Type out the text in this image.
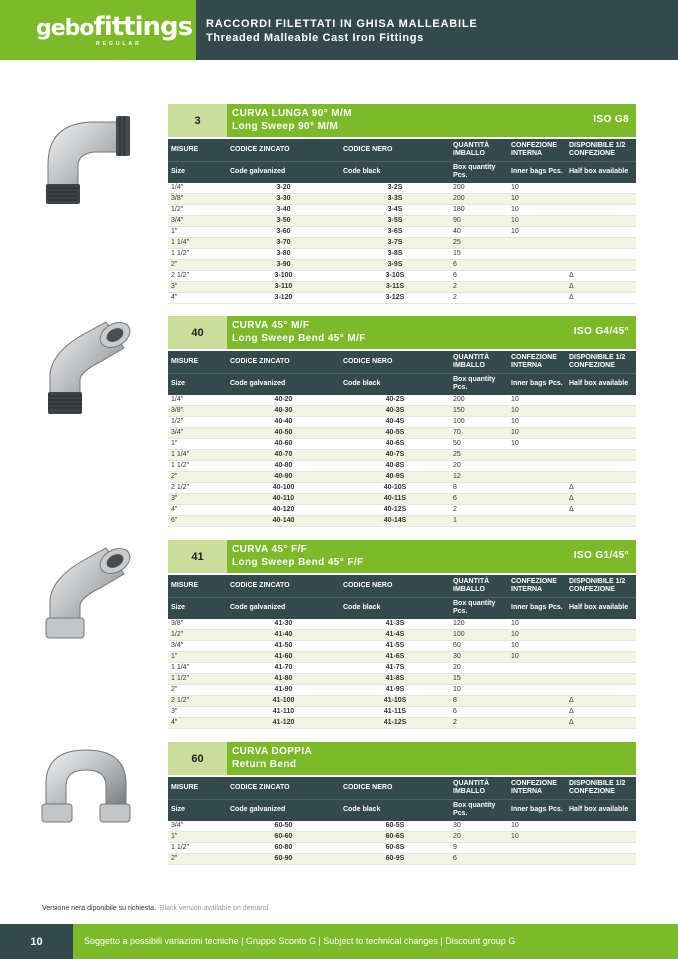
gebofittings
REGULAR
RACCORDI FILETTATI IN GHISA MALLEABILE
Threaded Malleable Cast Iron Fittings
3
CURVA LUNGA 90° M/M
Long Sweep 90° M/M
ISO G8
MISURE	CODICE ZINCATO	CODICE NERO	QUANTITÀ IMBALLO	CONFEZIONE INTERNA	DISPONIBILE 1/2 CONFEZIONE
Size	Code galvanized	Code black	Box quantity Pcs.	Inner bags Pcs.	Half box available
1/4"	3-20	3-2S	200	10	
3/8"	3-30	3-3S	200	10	
1/2"	3-40	3-4S	180	10	
3/4"	3-50	3-5S	90	10	
1"	3-60	3-6S	40	10	
1 1/4"	3-70	3-7S	25		
1 1/2"	3-80	3-8S	15		
2"	3-90	3-9S	6		
2 1/2"	3-100	3-10S	6		Δ
3"	3-110	3-11S	2		Δ
4"	3-120	3-12S	2		Δ
40
CURVA 45° M/F
Long Sweep Bend 45° M/F
ISO G4/45°
MISURE	CODICE ZINCATO	CODICE NERO	QUANTITÀ IMBALLO	CONFEZIONE INTERNA	DISPONIBILE 1/2 CONFEZIONE
Size	Code galvanized	Code black	Box quantity Pcs.	Inner bags Pcs.	Half box available
1/4"	40-20	40-2S	200	10	
3/8"	40-30	40-3S	150	10	
1/2"	40-40	40-4S	100	10	
3/4"	40-50	40-5S	70	10	
1"	40-60	40-6S	50	10	
1 1/4"	40-70	40-7S	25		
1 1/2"	40-80	40-8S	20		
2"	40-90	40-9S	12		
2 1/2"	40-100	40-10S	8		Δ
3"	40-110	40-11S	6		Δ
4"	40-120	40-12S	2		Δ
6"	40-140	40-14S	1		
41
CURVA 45° F/F
Long Sweep Bend 45° F/F
ISO G1/45°
MISURE	CODICE ZINCATO	CODICE NERO	QUANTITÀ IMBALLO	CONFEZIONE INTERNA	DISPONIBILE 1/2 CONFEZIONE
Size	Code galvanized	Code black	Box quantity Pcs.	Inner bags Pcs.	Half box available
3/8"	41-30	41-3S	120	10	
1/2"	41-40	41-4S	100	10	
3/4"	41-50	41-5S	60	10	
1"	41-60	41-6S	30	10	
1 1/4"	41-70	41-7S	20		
1 1/2"	41-80	41-8S	15		
2"	41-90	41-9S	10		
2 1/2"	41-100	41-10S	8		Δ
3"	41-110	41-11S	6		Δ
4"	41-120	41-12S	2		Δ
60
CURVA DOPPIA
Return Bend
MISURE	CODICE ZINCATO	CODICE NERO	QUANTITÀ IMBALLO	CONFEZIONE INTERNA	DISPONIBILE 1/2 CONFEZIONE
Size	Code galvanized	Code black	Box quantity Pcs.	Inner bags Pcs.	Half box available
3/4"	60-50	60-5S	30	10	
1"	60-60	60-6S	20	10	
1 1/2"	60-80	60-8S	9		
2"	60-90	60-9S	6		
Versione nera diponibile su richiesta. Black version available on demand.
10	Soggetto a possibili variazioni tecniche | Gruppo Sconto G | Subject to technical changes | Discount group G
